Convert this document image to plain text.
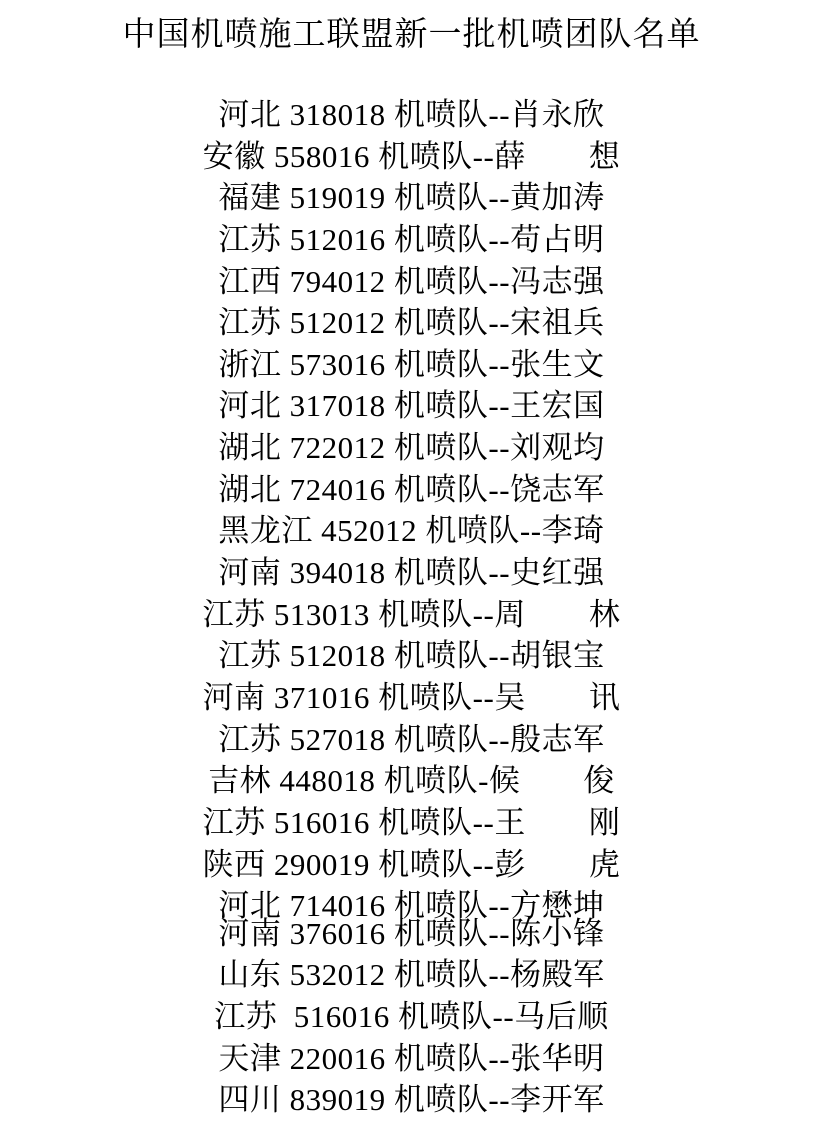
中国机喷施工联盟新一批机喷团队名单
河北 318018 机喷队--肖永欣
安徽 558016 机喷队--薛　　想
福建 519019 机喷队--黄加涛
江苏 512016 机喷队--苟占明
江西 794012 机喷队--冯志强
江苏 512012 机喷队--宋祖兵
浙江 573016 机喷队--张生文
河北 317018 机喷队--王宏国
湖北 722012 机喷队--刘观均
湖北 724016 机喷队--饶志军
黑龙江 452012 机喷队--李琦
河南 394018 机喷队--史红强
江苏 513013 机喷队--周　　林
江苏 512018 机喷队--胡银宝
河南 371016 机喷队--吴　　讯
江苏 527018 机喷队--殷志军
吉林 448018 机喷队-候　　俊
江苏 516016 机喷队--王　　刚
陕西 290019 机喷队--彭　　虎
河北 714016 机喷队--方懋坤
河南 376016 机喷队--陈小锋
山东 532012 机喷队--杨殿军
江苏  516016 机喷队--马后顺
天津 220016 机喷队--张华明
四川 839019 机喷队--李开军
